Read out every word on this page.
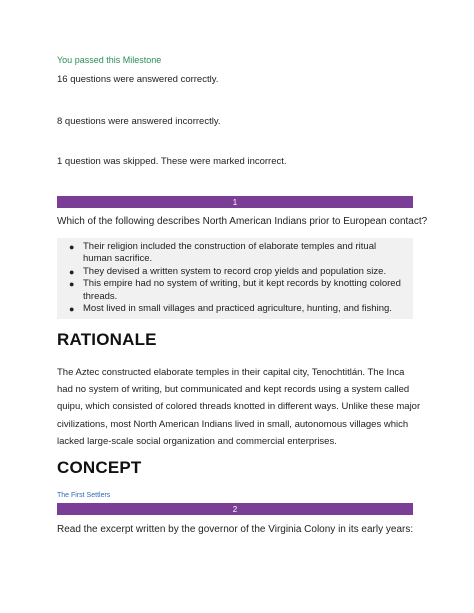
You passed this Milestone
16 questions were answered correctly.
8 questions were answered incorrectly.
1 question was skipped. These were marked incorrect.
1
Which of the following describes North American Indians prior to European contact?
● Their religion included the construction of elaborate temples and ritual human sacrifice.
● They devised a written system to record crop yields and population size.
● This empire had no system of writing, but it kept records by knotting colored threads.
● Most lived in small villages and practiced agriculture, hunting, and fishing.
RATIONALE
The Aztec constructed elaborate temples in their capital city, Tenochtitlán. The Inca had no system of writing, but communicated and kept records using a system called quipu, which consisted of colored threads knotted in different ways. Unlike these major civilizations, most North American Indians lived in small, autonomous villages which lacked large-scale social organization and commercial enterprises.
CONCEPT
The First Settlers
2
Read the excerpt written by the governor of the Virginia Colony in its early years:
